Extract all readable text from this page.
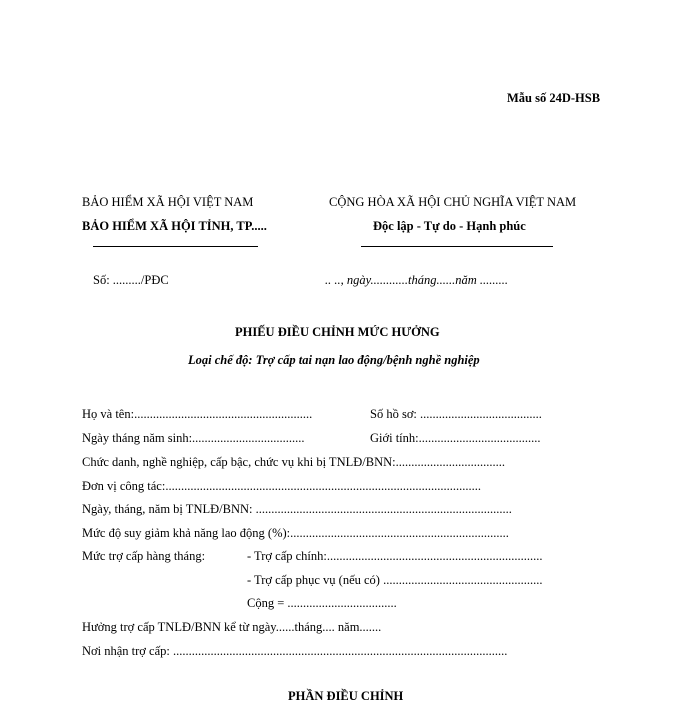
Mẫu số 24D-HSB
BẢO HIỂM XÃ HỘI VIỆT NAM
BẢO HIỂM XÃ HỘI TỈNH, TP.....
CỘNG HÒA XÃ HỘI CHỦ NGHĨA VIỆT NAM
Độc lập - Tự do - Hạnh phúc
Số: ........./PĐC	.. .., ngày............tháng......năm .........
PHIẾU ĐIỀU CHỈNH MỨC HƯỞNG
Loại chế độ: Trợ cấp tai nạn lao động/bệnh nghề nghiệp
Họ và tên:.........................................................	Số hồ sơ: .......................................
Ngày tháng năm sinh:....................................	Giới tính:.......................................
Chức danh, nghề nghiệp, cấp bậc, chức vụ khi bị TNLĐ/BNN:...................................
Đơn vị công tác:.....................................................................................................
Ngày, tháng, năm bị TNLĐ/BNN: ..................................................................................
Mức độ suy giảm khả năng lao động (%):......................................................................
Mức trợ cấp hàng tháng:	- Trợ cấp chính:.....................................................................
- Trợ cấp phục vụ (nếu có) ...................................................
Cộng = ...................................
Hưởng trợ cấp TNLĐ/BNN kể từ ngày......tháng.... năm.......
Nơi nhận trợ cấp: ...........................................................................................................
PHẦN ĐIỀU CHỈNH
